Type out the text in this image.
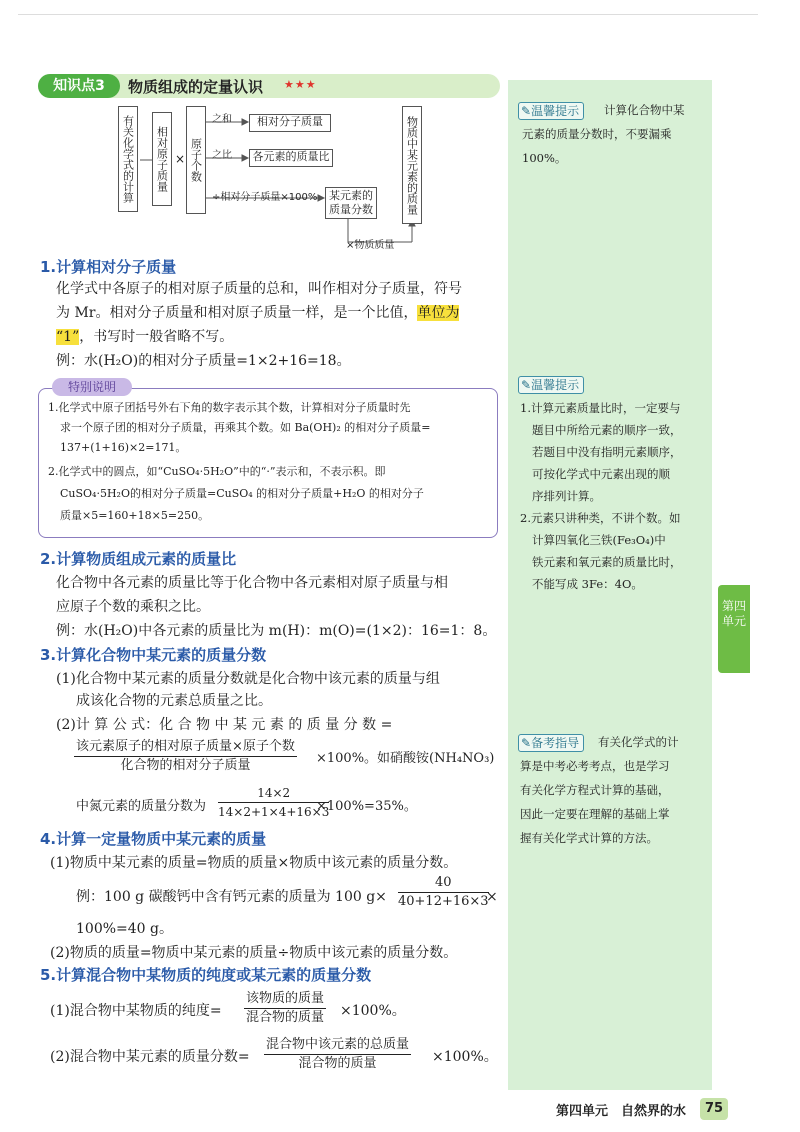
第四单元
知识点3	物质组成的定量认识 ★★★
有关化学式的计算	相对原子质量 × 原子个数
之和
之比
÷相对分子质量×100%
相对分子质量
各元素的质量比
某元素的质量分数
×物质质量
物质中某元素的质量
1.计算相对分子质量
化学式中各原子的相对原子质量的总和，叫作相对分子质量，符号
为 Mr。相对分子质量和相对原子质量一样，是一个比值，单位为
“1”，书写时一般省略不写。
例：水(H₂O)的相对分子质量=1×2+16=18。
特别说明
1.化学式中原子团括号外右下角的数字表示其个数，计算相对分子质量时先
求一个原子团的相对分子质量，再乘其个数。如 Ba(OH)₂ 的相对分子质量=
137+(1+16)×2=171。
2.化学式中的圆点，如“CuSO₄·5H₂O”中的“·”表示和，不表示积。即
CuSO₄·5H₂O的相对分子质量=CuSO₄ 的相对分子质量+H₂O 的相对分子
质量×5=160+18×5=250。
2.计算物质组成元素的质量比
化合物中各元素的质量比等于化合物中各元素相对原子质量与相
应原子个数的乘积之比。
例：水(H₂O)中各元素的质量比为 m(H)：m(O)=(1×2)：16=1：8。
3.计算化合物中某元素的质量分数
(1)化合物中某元素的质量分数就是化合物中该元素的质量与组
成该化合物的元素总质量之比。
(2)计 算 公 式：化 合 物 中 某 元 素 的 质 量 分 数 =
该元素原子的相对原子质量×原子个数
化合物的相对分子质量	×100%。如硝酸铵(NH₄NO₃)
中氮元素的质量分数为 $\frac{14\times 2}{14\times 2+1\times 4+16\times 3}$
×100%=35%。
4.计算一定量物质中某元素的质量
(1)物质中某元素的质量=物质的质量×物质中该元素的质量分数。
例：100 g 碳酸钙中含有钙元素的质量为 100 $g\times \frac{40}{40+12+16\times 3}$
×
100%=40 g。
(2)物质的质量=物质中某元素的质量÷物质中该元素的质量分数。
5.计算混合物中某物质的纯度或某元素的质量分数
(1)混合物中某物质的纯度=
该物质的质量
混合物的质量 ×100%。
(2)混合物中某元素的质量分数=
混合物中该元素的总质量
混合物的质量	×100%。
✎温馨提示	计算化合物中某
元素的质量分数时，不要漏乘
100%。
✎温馨提示
1.计算元素质量比时，一定要与
题目中所给元素的顺序一致，
若题目中没有指明元素顺序，
可按化学式中元素出现的顺
序排列计算。
2.元素只讲种类，不讲个数。如
计算四氧化三铁(Fe₃O₄)中
铁元素和氧元素的质量比时，
不能写成 3Fe：4O。
✎备考指导	有关化学式的计
算是中考必考考点，也是学习
有关化学方程式计算的基础，
因此一定要在理解的基础上掌
握有关化学式计算的方法。
第四单元　自然界的水	75
